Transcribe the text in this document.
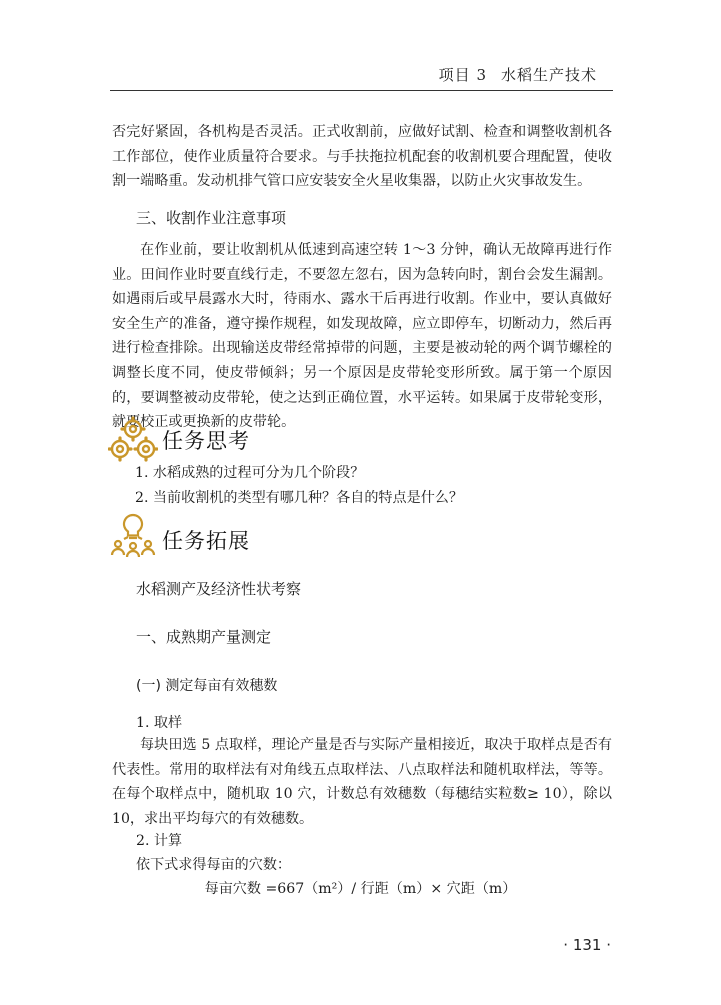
项目 3 水稻生产技术

否完好紧固，各机构是否灵活。正式收割前，应做好试割、检查和调整收割机各工作部位，使作业质量符合要求。与手扶拖拉机配套的收割机要合理配置，使收割一端略重。发动机排气管口应安装安全火星收集器，以防止火灾事故发生。

三、收割作业注意事项

在作业前，要让收割机从低速到高速空转 1～3 分钟，确认无故障再进行作业。田间作业时要直线行走，不要忽左忽右，因为急转向时，割台会发生漏割。如遇雨后或早晨露水大时，待雨水、露水干后再进行收割。作业中，要认真做好安全生产的准备，遵守操作规程，如发现故障，应立即停车，切断动力，然后再进行检查排除。出现输送皮带经常掉带的问题，主要是被动轮的两个调节螺栓的调整长度不同，使皮带倾斜；另一个原因是皮带轮变形所致。属于第一个原因的，要调整被动皮带轮，使之达到正确位置，水平运转。如果属于皮带轮变形，就要校正或更换新的皮带轮。

任务思考
1. 水稻成熟的过程可分为几个阶段？
2. 当前收割机的类型有哪几种？各自的特点是什么？
任务拓展
水稻测产及经济性状考察
一、成熟期产量测定
(一) 测定每亩有效穗数
1. 取样

每块田选 5 点取样，理论产量是否与实际产量相接近，取决于取样点是否有代表性。常用的取样法有对角线五点取样法、八点取样法和随机取样法，等等。在每个取样点中，随机取 10 穴，计数总有效穗数（每穗结实粒数≥ 10），除以 10，求出平均每穴的有效穗数。

2. 计算
依下式求得每亩的穴数：
每亩穴数 =667（m²）/ 行距（m）× 穴距（m）
· 131 ·
